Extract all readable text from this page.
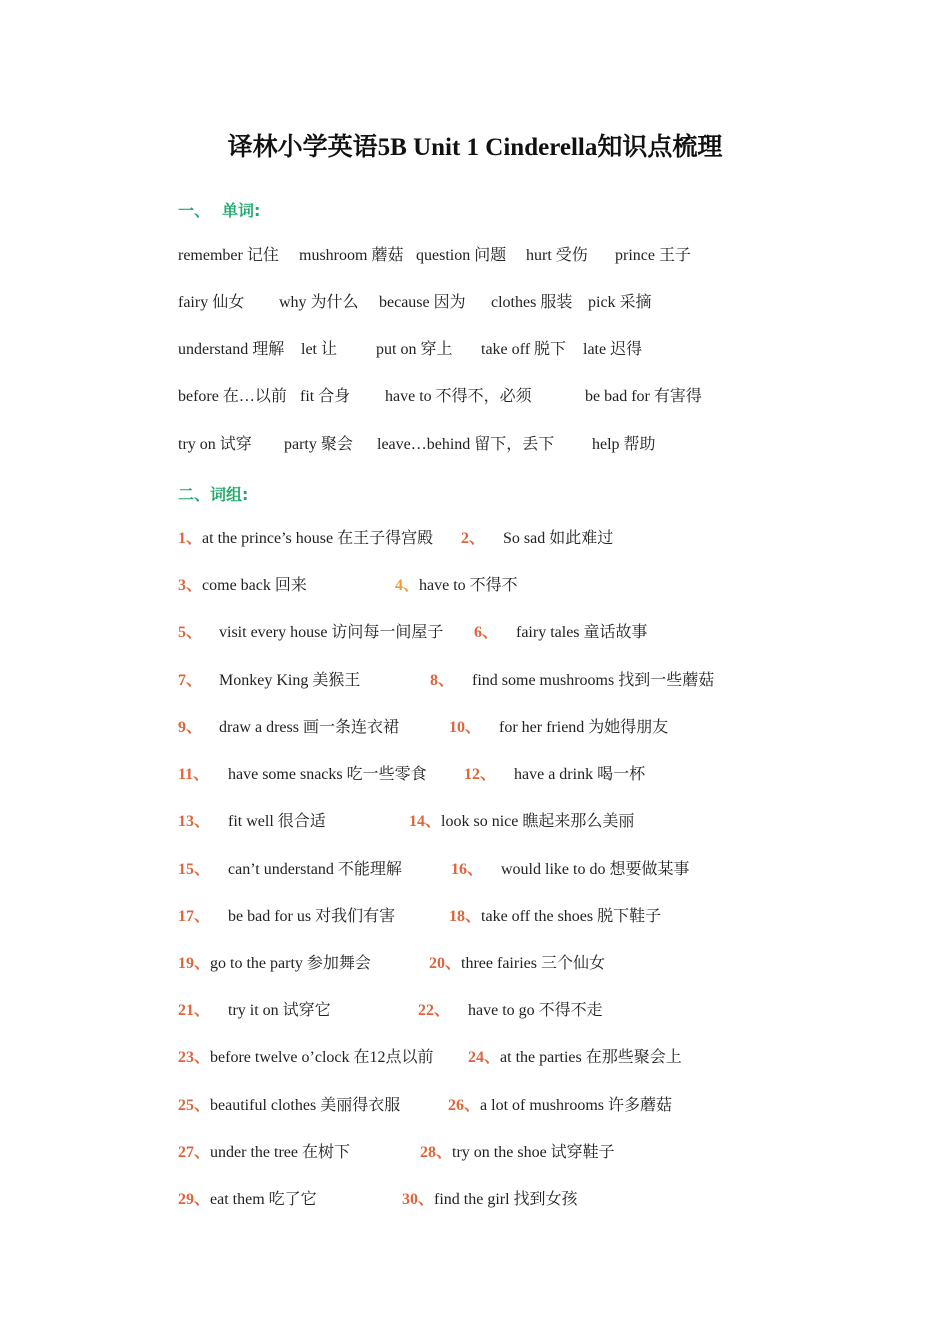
译林小学英语5B Unit 1 Cinderella知识点梳理
一、 单词:
remember 记住 mushroom 蘑菇 question 问题 hurt 受伤 prince 王子
fairy 仙女 why 为什么 because 因为 clothes 服装 pick 采摘
understand 理解 let 让 put on 穿上 take off 脱下 late 迟得
before 在…以前 fit 合身 have to 不得不，必须	be bad for 有害得
try on 试穿 party 聚会 leave…behind 留下，丢下 help 帮助
二、词组:
1、at the prince’s house 在王子得宫殿 2、 So sad 如此难过
3、come back 回来	4、have to 不得不
5、 visit every house 访问每一间屋子 6、 fairy tales 童话故事
7、 Monkey King 美猴王	8、 find some mushrooms 找到一些蘑菇
9、 draw a dress 画一条连衣裙	10、 for her friend 为她得朋友
11、 have some snacks 吃一些零食 12、 have a drink 喝一杯
13、 fit well 很合适	14、look so nice 瞧起来那么美丽
15、 can’t understand 不能理解	16、 would like to do 想要做某事
17、 be bad for us 对我们有害	18、take off the shoes 脱下鞋子
19、go to the party 参加舞会	20、three fairies 三个仙女
21、 try it on 试穿它	22、 have to go 不得不走
23、before twelve o’clock 在12点以前 24、at the parties 在那些聚会上
25、beautiful clothes 美丽得衣服	26、a lot of mushrooms 许多蘑菇
27、under the tree 在树下	28、try on the shoe 试穿鞋子
29、eat them 吃了它	30、find the girl 找到女孩
